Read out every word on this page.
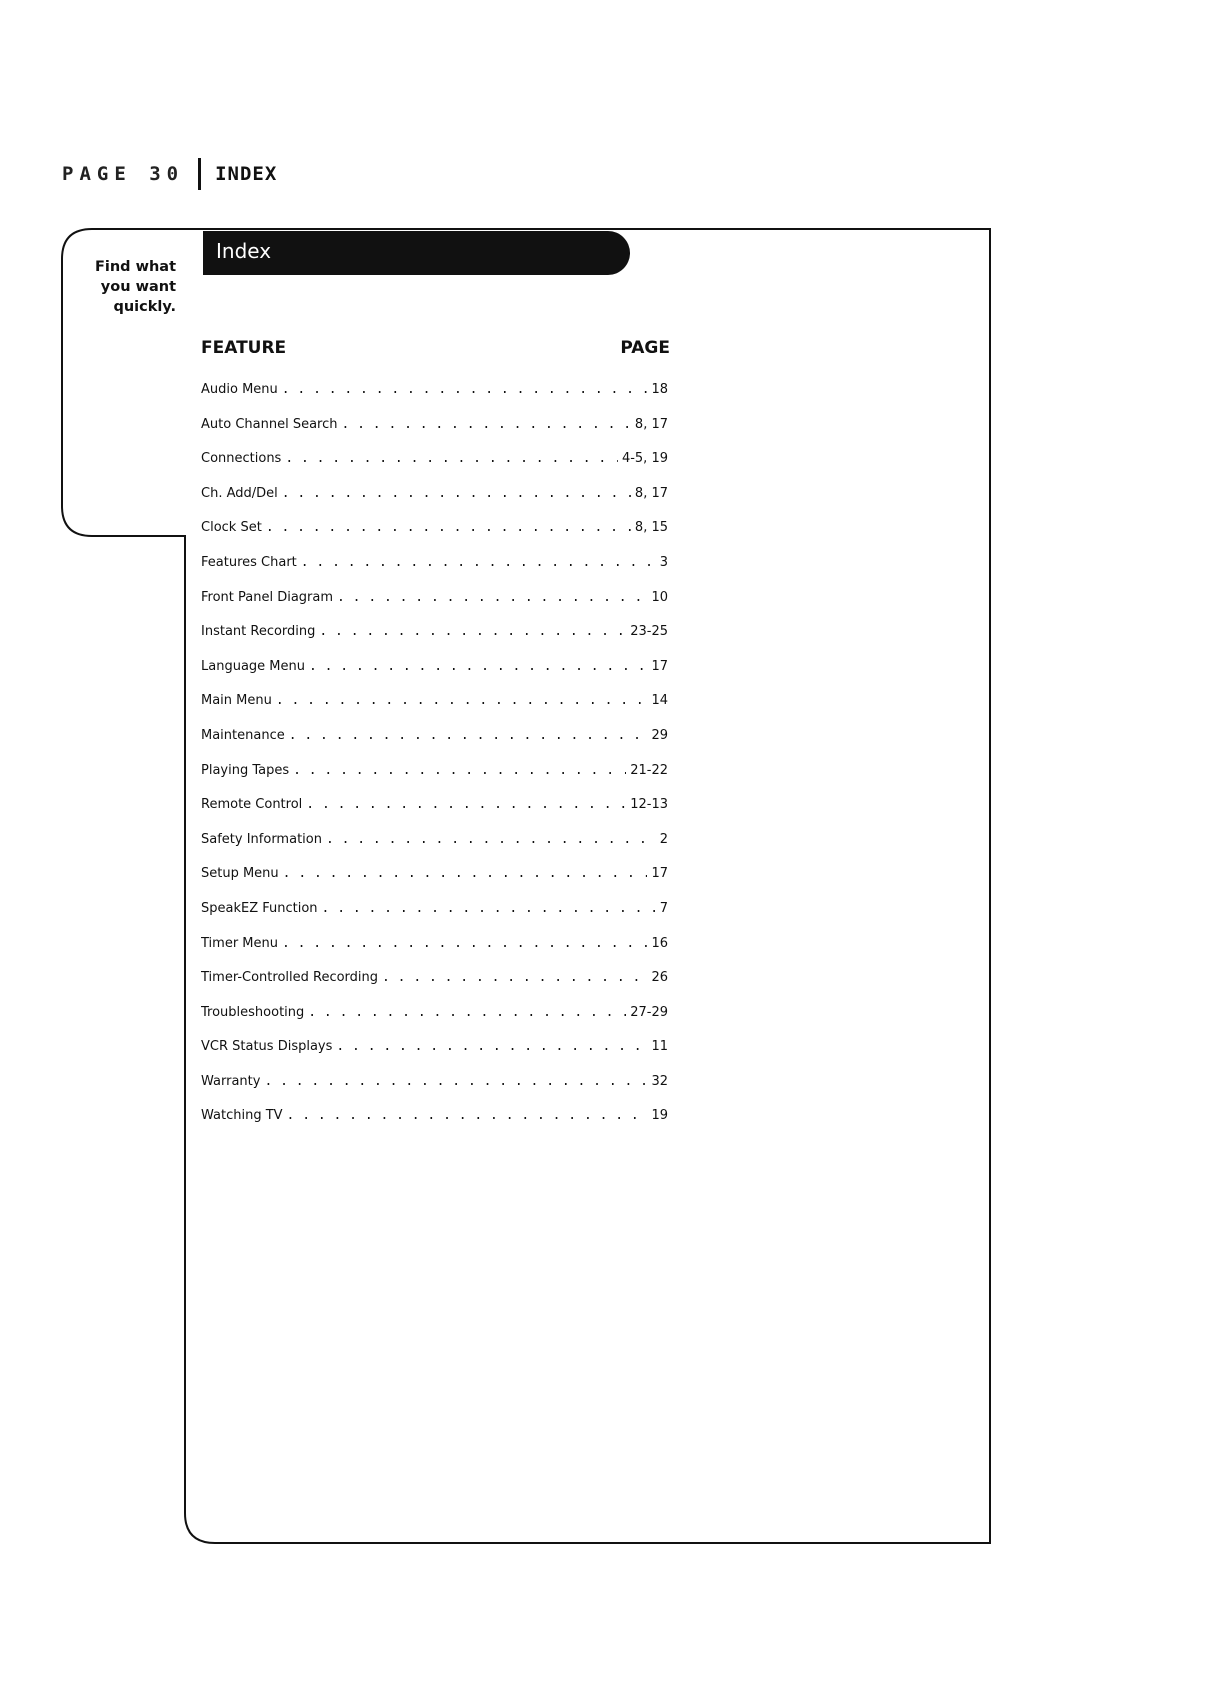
PAGE 30 INDEX
Find what
you want
quickly.
Index
FEATURE	PAGE
Audio Menu . . .	18
Auto Channel Search . . .	8, 17
Connections . . .	4-5, 19
Ch. Add/Del . . .	8, 17
Clock Set . . .	8, 15
Features Chart . . .	3
Front Panel Diagram . . .	10
Instant Recording . . .	23-25
Language Menu . . .	17
Main Menu . . .	14
Maintenance . . .	29
Playing Tapes . . .	21-22
Remote Control . . .	12-13
Safety Information . . .	2
Setup Menu . . .	17
SpeakEZ Function . . .	7
Timer Menu . . .	16
Timer-Controlled Recording . . .	26
Troubleshooting . . .	27-29
VCR Status Displays . . .	11
Warranty . . .	32
Watching TV . . .	19
